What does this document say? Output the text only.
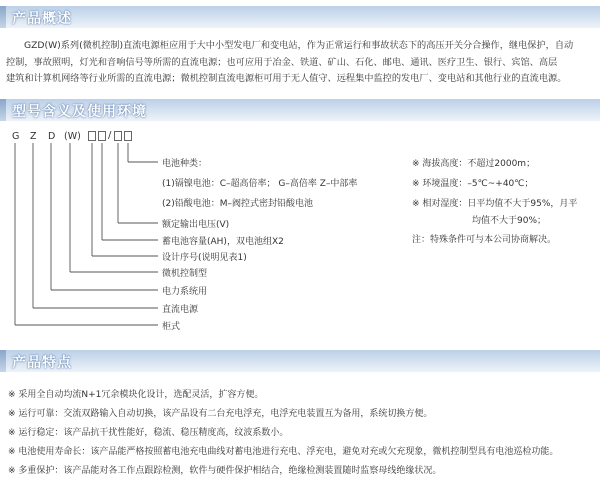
产品概述
GZD(W)系列(微机控制)直流电源柜应用于大中小型发电厂和变电站，作为正常运行和事故状态下的高压开关分合操作，继电保护，自动
控制，事故照明，灯光和音响信号等所需的直流电源；也可应用于冶金、铁道、矿山、石化、邮电、通讯、医疗卫生、银行、宾馆、高层
建筑和计算机网络等行业所需的直流电源；微机控制直流电源柜可用于无人值守、远程集中监控的发电厂、变电站和其他行业的直流电源。
型号含义及使用环境
G Z D (W)	/
电池种类：
(1)镉镍电池：C–超高倍率； G–高倍率 Z–中部率
(2)铅酸电池：M–阀控式密封铅酸电池
额定输出电压(V)
蓄电池容量(AH)，双电池组X2
设计序号(说明见表1)
微机控制型
电力系统用
直流电源
柜式
※ 海拔高度：不超过2000m；
※ 环境温度：–5℃~+40℃；
※ 相对湿度：日平均值不大于95%，月平
均值不大于90%；
注：特殊条件可与本公司协商解决。
产品特点
※ 采用全自动均流N+1冗余模块化设计，选配灵活，扩容方便。
※ 运行可靠：交流双路输入自动切换，该产品设有二台充电浮充，电浮充电装置互为备用，系统切换方便。
※ 运行稳定：该产品抗干扰性能好，稳流、稳压精度高，纹波系数小。
※ 电池使用寿命长：该产品能严格按照蓄电池充电曲线对蓄电池进行充电、浮充电，避免对充或欠充现象，微机控制型具有电池巡检功能。
※ 多重保护：该产品能对各工作点跟踪检测，软件与硬件保护相结合，绝缘检测装置随时监察母线绝缘状况。
